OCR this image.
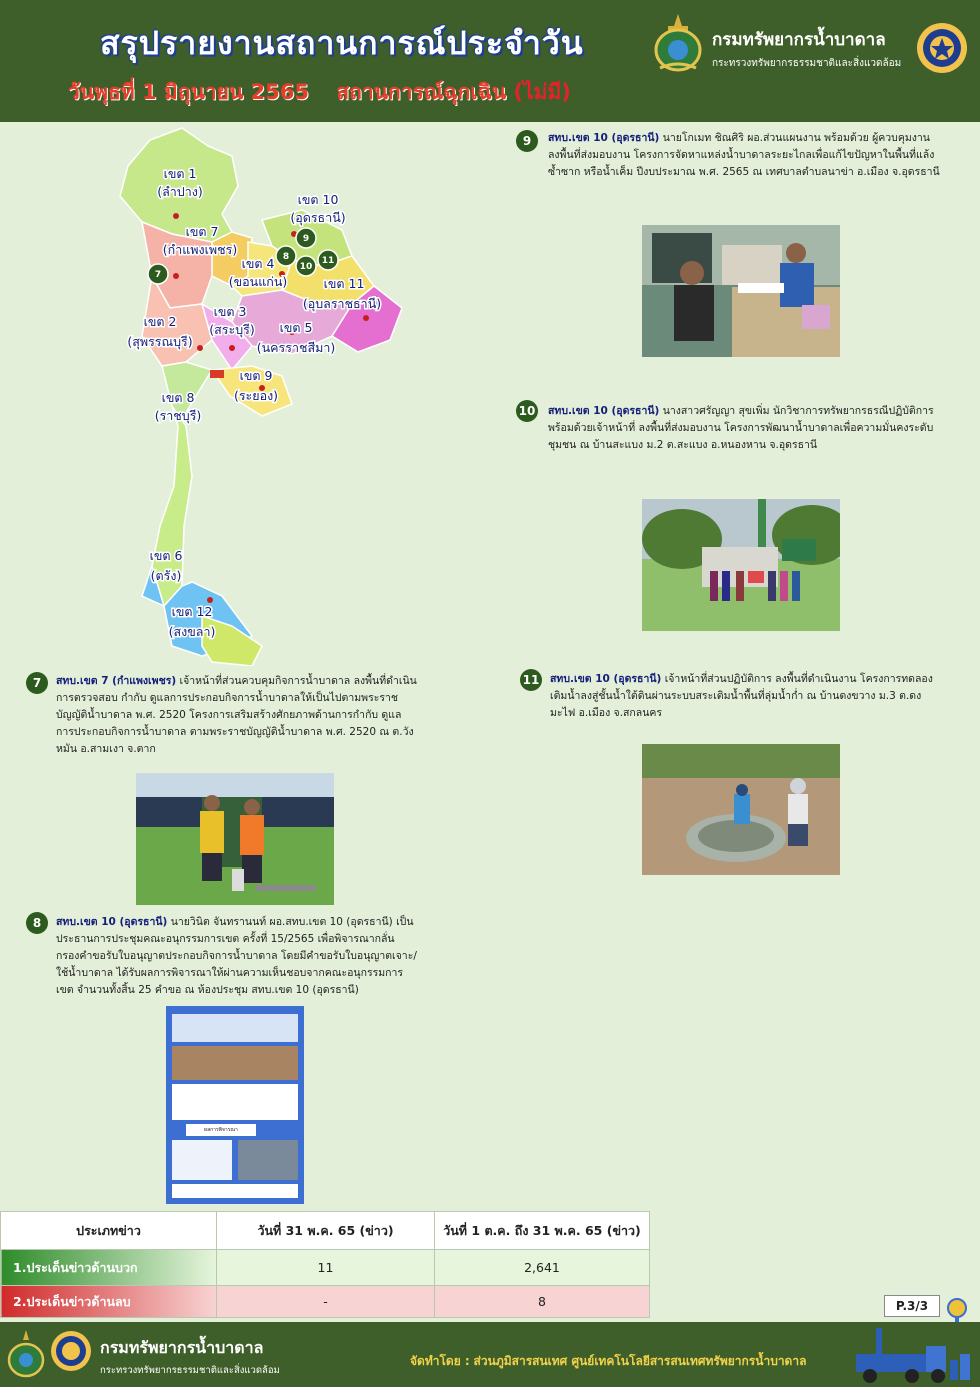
สรุปรายงานสถานการณ์ประจำวัน
วันพุธที่ 1 มิถุนายน 2565 สถานการณ์ฉุกเฉิน (ไม่มี)
กรมทรัพยากรน้ำบาดาล
กระทรวงทรัพยากรธรรมชาติและสิ่งแวดล้อม
เขต 1
(ลำปาง)
เขต 7
(กำแพงเพชร)
เขต 10
(อุดรธานี)
เขต 4
(ขอนแก่น)	เขต 11
(อุบลราชธานี)
เขต 2
(สุพรรณบุรี)
เขต 3
(สระบุรี) เขต 5
(นครราชสีมา)
เขต 9
(ระยอง)
เขต 8
(ราชบุรี)
เขต 6
(ตรัง)
เขต 12
(สงขลา)
9
8
10
11
7
9	สทบ.เขต 10 (อุดรธานี) นายโกเมท ชิณศิริ ผอ.ส่วนแผนงาน พร้อมด้วย ผู้ควบคุมงาน ลงพื้นที่ส่งมอบงาน โครงการจัดหาแหล่งน้ำบาดาลระยะไกลเพื่อแก้ไขปัญหาในพื้นที่แล้งซ้ำซาก หรือน้ำเค็ม ปีงบประมาณ พ.ศ. 2565 ณ เทศบาลตำบลนาข่า อ.เมือง จ.อุดรธานี
10 สทบ.เขต 10 (อุดรธานี) นางสาวศรัญญา สุขเพิ่ม นักวิชาการทรัพยากรธรณีปฏิบัติการ พร้อมด้วยเจ้าหน้าที่ ลงพื้นที่ส่งมอบงาน โครงการพัฒนาน้ำบาดาลเพื่อความมั่นคงระดับชุมชน ณ บ้านสะแบง ม.2 ต.สะแบง อ.หนองหาน จ.อุดรธานี
11 สทบ.เขต 10 (อุดรธานี) เจ้าหน้าที่ส่วนปฏิบัติการ ลงพื้นที่ดำเนินงาน โครงการทดลองเติมน้ำลงสู่ชั้นน้ำใต้ดินผ่านระบบสระเติมน้ำพื้นที่ลุ่มน้ำก่ำ ณ บ้านดงขวาง ม.3 ต.ดงมะไฟ อ.เมือง จ.สกลนคร
7	สทบ.เขต 7 (กำแพงเพชร) เจ้าหน้าที่ส่วนควบคุมกิจการน้ำบาดาล ลงพื้นที่ดำเนินการตรวจสอบ กำกับ ดูแลการประกอบกิจการน้ำบาดาลให้เป็นไปตามพระราชบัญญัติน้ำบาดาล พ.ศ. 2520 โครงการเสริมสร้างศักยภาพด้านการกำกับ ดูแลการประกอบกิจการน้ำบาดาล ตามพระราชบัญญัติน้ำบาดาล พ.ศ. 2520 ณ ต.วังหมัน อ.สามเงา จ.ตาก
8	สทบ.เขต 10 (อุดรธานี) นายวินิต จันทรานนท์ ผอ.สทบ.เขต 10 (อุดรธานี) เป็นประธานการประชุมคณะอนุกรรมการเขต ครั้งที่ 15/2565 เพื่อพิจารณากลั่นกรองคำขอรับใบอนุญาตประกอบกิจการน้ำบาดาล โดยมีคำขอรับใบอนุญาตเจาะ/ใช้น้ำบาดาล ได้รับผลการพิจารณาให้ผ่านความเห็นชอบจากคณะอนุกรรมการเขต จำนวนทั้งสิ้น 25 คำขอ ณ ห้องประชุม สทบ.เขต 10 (อุดรธานี)
ผลการพิจารณา
ประเภทข่าว	วันที่ 31 พ.ค. 65 (ข่าว)	วันที่ 1 ต.ค. ถึง 31 พ.ค. 65 (ข่าว)
1.ประเด็นข่าวด้านบวก	11	2,641
2.ประเด็นข่าวด้านลบ	-	8	P.3/3
กรมทรัพยากรน้ำบาดาล
กระทรวงทรัพยากรธรรมชาติและสิ่งแวดล้อม
จัดทำโดย : ส่วนภูมิสารสนเทศ ศูนย์เทคโนโลยีสารสนเทศทรัพยากรน้ำบาดาล
